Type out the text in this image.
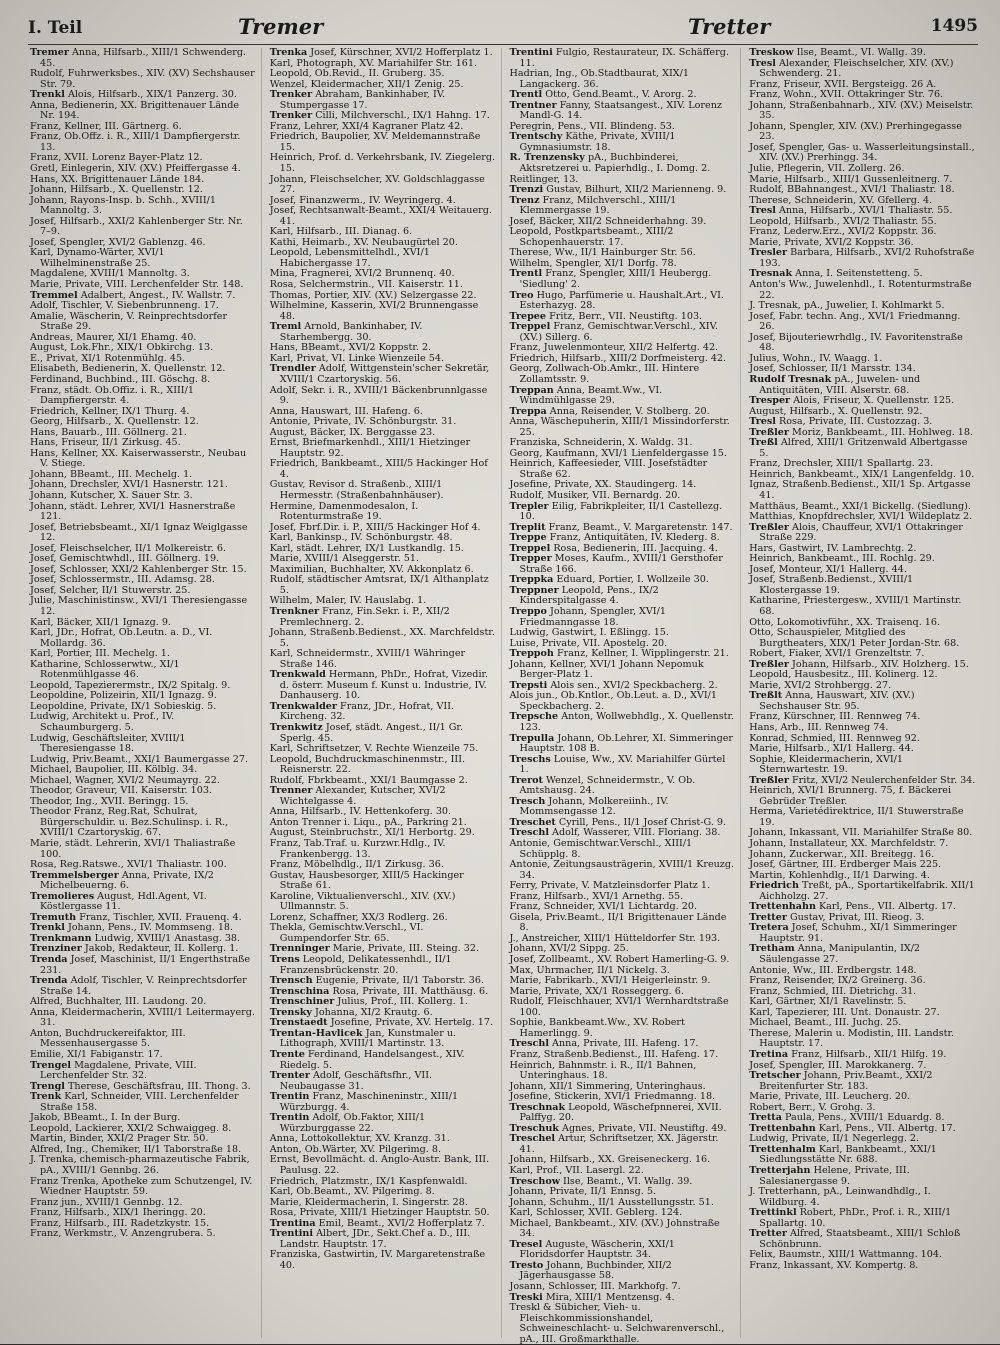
I. Teil	Tremer	Tretter	1495

Tremer Anna, Hilfsarb., XIII/1 Schwenderg. 45.

Rudolf, Fuhrwerksbes., XIV. (XV) Sechshauser Str. 79.

Trenkl Alois, Hilfsarb., XIX/1 Panzerg. 30.

Anna, Bedienerin, XX. Brigittenauer Lände Nr. 194.

Franz, Kellner, III. Gärtnerg. 6.

Franz, Ob.Offz. i. R., XIII/1 Dampfiergerstr. 13.

Franz, XVII. Lorenz Bayer-Platz 12.

Gretl, Einlegerin, XIV. (XV.) Pfeiffergasse 4.

Hans, XX. Brigittenauer Lände 184.

Johann, Hilfsarb., X. Quellenstr. 12.

Johann, Rayons-Insp. b. Schh., XVIII/1 Mannoltg. 3.

Josef, Hilfsarb., XXI/2 Kahlenberger Str. Nr. 7–9.

Josef, Spengler, XVI/2 Gablenzg. 46.

Karl, Dynamo-Wärter, XVI/1 Wilhelminenstraße 25.

Magdalene, XVIII/1 Mannoltg. 3.

Marie, Private, VIII. Lerchenfelder Str. 148.

Tremmel Adalbert, Angest., IV. Wallstr. 7.

Adolf, Tischler, V. Siebenbrunneng. 17.

Amalie, Wäscherin, V. Reinprechtsdorfer Straße 29.

Andreas, Maurer, XI/1 Ehamg. 40.

August, Lok.Fhr., XIX/1 Obkirchg. 13.

E., Privat, XI/1 Rotenmühlg. 45.

Elisabeth, Bedienerin, X. Quellenstr. 12.

Ferdinand, Buchbind., III. Göschg. 8.

Franz, städt. Ob.Offiz. i. R., XIII/1 Dampfiergerstr. 4.

Friedrich, Kellner, IX/1 Thurg. 4.

Georg, Hilfsarb., X. Quellenstr. 12.

Hans, Bauarb., III. Göllnerg. 21.

Hans, Friseur, II/1 Zirkusg. 45.

Hans, Kellner, XX. Kaiserwasserstr., Neubau V. Stiege.

Johann, BBeamt., III. Mechelg. 1.

Johann, Drechsler, XVI/1 Hasnerstr. 121.

Johann, Kutscher, X. Sauer Str. 3.

Johann, städt. Lehrer, XVI/1 Hasnerstraße 121.

Josef, Betriebsbeamt., XI/1 Ignaz Weiglgasse 12.

Josef, Fleischselcher, II/1 Molkereistr. 6.

Josef, Gemischtwhdl., III. Göllnerg. 19.

Josef, Schlosser, XXI/2 Kahlenberger Str. 15.

Josef, Schlossermstr., III. Adamsg. 28.

Josef, Selcher, II/1 Stuwerstr. 25.

Julie, Maschinistinsw., XVI/1 Theresiengasse 12.

Karl, Bäcker, XII/1 Ignazg. 9.

Karl, JDr., Hofrat, Ob.Leutn. a. D., VI. Mollardg. 36.

Karl, Portier, III. Mechelg. 1.

Katharine, Schlosserwtw., XI/1 Rotenmühlgasse 46.

Leopold, Tapezierermstr., IX/2 Spitalg. 9.

Leopoldine, Polizeirin, XII/1 Ignazg. 9.

Leopoldine, Private, IX/1 Sobieskig. 5.

Ludwig, Architekt u. Prof., IV. Schaumburgerg. 5.

Ludwig, Geschäftsleiter, XVIII/1 Theresiengasse 18.

Ludwig, Priv.Beamt., XXI/1 Baumergasse 27.

Michael, Baupolier, III. Kölblg. 34.

Michael, Wagner, XVI/2 Neumayrg. 22.

Theodor, Graveur, VII. Kaiserstr. 103.

Theodor, Ing., XVII. Beringg. 15.

Theodor Franz, Reg.Rat, Schulrat, Bürgerschuldir. u. Bez.Schulinsp. i. R., XVIII/1 Czartoryskig. 67.

Marie, städt. Lehrerin, XVI/1 Thaliastraße 100.

Rosa, Reg.Ratswe., XVI/1 Thaliastr. 100.

Tremmelsberger Anna, Private, IX/2 Michelbeuerng. 6.

Tremolieres August, Hdl.Agent, VI. Köstlergasse 11.

Tremuth Franz, Tischler, XVII. Frauenq. 4.

Trenkl Johann, Pens., IV. Mommseng. 18.

Trenkmann Ludwig, XVIII/1 Anastasg. 38.

Trenziner Jakob, Redakteur, II. Kollerg. 1.

Trenda Josef, Maschinist, II/1 Engerthstraße 231.

Trenda Adolf, Tischler, V. Reinprechtsdorfer Straße 14.

Alfred, Buchhalter, III. Laudong. 20.

Anna, Kleidermacherin, XVIII/1 Leitermayerg. 31.

Anton, Buchdruckereifaktor, III. Messenhausergasse 5.

Emilie, XI/1 Fabiganstr. 17.

Trengel Magdalene, Private, VIII. Lerchenfelder Str. 32.

Trengl Therese, Geschäftsfrau, III. Thong. 3.

Trenk Karl, Schneider, VIII. Lerchenfelder Straße 158.

Jakob, BBeamt., I. In der Burg.

Leopold, Lackierer, XXI/2 Schwaiggeg. 8.

Martin, Binder, XXI/2 Prager Str. 50.

Alfred, Ing., Chemiker, II/1 Taborstraße 18.

J. Trenka, chemisch-pharmazeutische Fabrik, pA., XVIII/1 Gennbg. 26.

Franz Trenka, Apotheke zum Schutzengel, IV. Wiedner Hauptstr. 59.

Franz jun., XVIII/1 Gennbg. 12.

Franz, Hilfsarb., XIX/1 Iheringg. 20.

Franz, Hilfsarb., III. Radetzkystr. 15.

Franz, Werkmstr., V. Anzengrubera. 5.

Trenka Josef, Kürschner, XVI/2 Hofferplatz 1.

Karl, Photograph, XV. Mariahilfer Str. 161.

Leopold, Ob.Revid., II. Gruberg. 35.

Wenzel, Kleidermacher, XII/1 Zenig. 25.

Trenker Abraham, Bankinhaber, IV. Stumpergasse 17.

Trenker Cilli, Milchverschl., IX/1 Hahng. 17.

Franz, Lehrer, XXI/4 Kagraner Platz 42.

Friedrich, Baupolier, XV. Meldemannstraße 15.

Heinrich, Prof. d. Verkehrsbank, IV. Ziegelerg. 15.

Johann, Fleischselcher, XV. Goldschlaggasse 27.

Josef, Finanzwerm., IV. Weyringerg. 4.

Josef, Rechtsanwalt-Beamt., XXI/4 Weitauerg. 41.

Karl, Hilfsarb., III. Dianag. 6.

Kathi, Heimarb., XV. Neubaugürtel 20.

Leopold, Lebensmittelhdl., XVI/1 Habichergasse 17.

Mina, Fragnerei, XVI/2 Brunnenq. 40.

Rosa, Selchermstrin., VII. Kaiserstr. 11.

Thomas, Portier, XIV. (XV.) Selzergasse 22.

Wilhelmine, Kasserin, XVI/2 Brunnengasse 48.

Treml Arnold, Bankinhaber, IV. Starhembergg. 30.

Hans, BBeamt., XVI/2 Koppstr. 2.

Karl, Privat, VI. Linke Wienzeile 54.

Trendler Adolf, Wittgenstein'scher Sekretär, XVIII/1 Czartoryskig. 56.

Adolf, Sekr. i. R., XVIII/1 Bäckenbrunnlgasse 9.

Anna, Hauswart, III. Hafeng. 6.

Antonie, Private, IV. Schönburgstr. 31.

August, Bäcker, IX. Berggasse 23.

Ernst, Briefmarkenhdl., XIII/1 Hietzinger Hauptstr. 92.

Friedrich, Bankbeamt., XIII/5 Hackinger Hof 4.

Gustav, Revisor d. Straßenb., XIII/1 Hermesstr. (Straßenbahnhäuser).

Hermine, Damenmodesalon, I. Rotenturmstraße 19.

Josef, Fbrf.Dir. i. P., XIII/5 Hackinger Hof 4.

Karl, Bankinsp., IV. Schönburgstr. 48.

Karl, städt. Lehrer, IX/1 Lustkandlg. 15.

Marie, XVIII/1 Alseggerstr. 51.

Maximilian, Buchhalter, XV. Akkonplatz 6.

Rudolf, städtischer Amtsrat, IX/1 Althanplatz 5.

Wilhelm, Maler, IV. Hauslabg. 1.

Trenkner Franz, Fin.Sekr. i. P., XII/2 Premlechnerg. 2.

Johann, Straßenb.Bedienst., XX. Marchfeldstr. 5.

Karl, Schneidermstr., XVIII/1 Währinger Straße 146.

Trenkwald Hermann, PhDr., Hofrat, Vizedir. d. österr. Museum f. Kunst u. Industrie, IV. Danhauserg. 10.

Trenkwalder Franz, JDr., Hofrat, VII. Kircheng. 32.

Trenkwitz Josef, städt. Angest., II/1 Gr. Sperlg. 45.

Karl, Schriftsetzer, V. Rechte Wienzeile 75.

Leopold, Buchdruckmaschinenmstr., III. Reisnerstr. 22.

Rudolf, Fbrkbeamt., XXI/1 Baumgasse 2.

Trenner Alexander, Kutscher, XVI/2 Wichtelgasse 4.

Anna, Hilfsarb., IV. Hettenkoferg. 30.

Anton Trenner i. Liqu., pA., Parkring 21.

August, Steinbruchstr., XI/1 Herbortg. 29.

Franz, Tab.Traf. u. Kurzwr.Hdlg., IV. Frankenbergg. 13.

Franz, Möbelhdlg., II/1 Zirkusg. 36.

Gustav, Hausbesorger, XIII/5 Hackinger Straße 61.

Karoline, Viktualienverschl., XIV. (XV.) Ullmannstr. 5.

Lorenz, Schaffner, XX/3 Rodlerg. 26.

Thekla, Gemischtw.Verschl., VI. Gumpendorfer Str. 65.

Trenninger Marie, Private, III. Steing. 32.

Trens Leopold, Delikatessenhdl., II/1 Franzensbrückenstr. 20.

Trensch Eugenie, Private, II/1 Taborstr. 36.

Trenschina Rosa, Private, III. Matthäusg. 6.

Trenschiner Julius, Prof., III. Kollerg. 1.

Trensky Johanna, XI/2 Krautg. 6.

Trenstaedt Josefine, Private, XV. Hertelg. 17.

Trentan-Havlicek Jan, Kunstmaler u. Lithograph, XVIII/1 Martinstr. 13.

Trente Ferdinand, Handelsangest., XIV. Riedelg. 5.

Trenter Adolf, Geschäftsfhr., VII. Neubaugasse 31.

Trentin Franz, Maschineninstr., XIII/1 Würzburgg. 4.

Trentin Adolf, Ob.Faktor, XIII/1 Würzburggasse 22.

Anna, Lottokollektur, XV. Kranzg. 31.

Anton, Ob.Wärter, XV. Pilgerimg. 8.

Ernst, Bevollmächt. d. Anglo-Austr. Bank, III. Paulusg. 22.

Friedrich, Platzmstr., IX/1 Kaspfenwaldl.

Karl, Ob.Beamt., XV. Pilgerimg. 8.

Marie, Kleidermacherin, I. Singerstr. 28.

Rosa, Private, XIII/1 Hietzinger Hauptstr. 50.

Trentina Emil, Beamt., XVI/2 Hofferplatz 7.

Trentini Albert, JDr., Sekt.Chef a. D., III. Landstr. Hauptstr. 17.

Franziska, Gastwirtin, IV. Margaretenstraße 40.

Trentini Fulgio, Restaurateur, IX. Schäfferg. 11.

Hadrian, Ing., Ob.Stadtbaurat, XIX/1 Langackerg. 36.

Trentl Otto, Gend.Beamt., V. Arorg. 2.

Trentner Fanny, Staatsangest., XIV. Lorenz Mandl-G. 14.

Peregrin, Pens., VII. Blindeng. 53.

Trentschy Käthe, Private, XVIII/1 Gymnasiumstr. 18.

R. Trenzensky pA., Buchbinderei, Aktsretzerei u. Papierhdlg., I. Domg. 2.

Reitlinger, 13.

Trenzi Gustav, Bilhurt, XII/2 Marienneng. 9.

Trenz Franz, Milchverschl., XIII/1 Klemmergasse 19.

Josef, Bäcker, XII/2 Schneiderhahng. 39.

Leopold, Postkpartsbeamt., XIII/2 Schopenhauerstr. 17.

Therese, Ww., II/1 Hainburger Str. 56.

Wilhelm, Spengler, XI/1 Dorfg. 78.

Trentl Franz, Spengler, XIII/1 Heubergg. 'Siedlung' 2.

Treo Hugo, Parfümerie u. Haushalt.Art., VI. Esterhazyg. 28.

Trepee Fritz, Berr., VII. Neustiftg. 103.

Treppel Franz, Gemischtwar.Verschl., XIV. (XV.) Sillerg. 6.

Franz, Juwelenmonteur, XII/2 Helfertg. 42.

Friedrich, Hilfsarb., XIII/2 Dorfmeisterg. 42.

Georg, Zollwach-Ob.Amkr., III. Hintere Zollamtsstr. 9.

Treppan Anna, Beamt.Ww., VI. Windmühlgasse 29.

Treppa Anna, Reisender, V. Stolberg. 20.

Anna, Wäschepuherin, XIII/1 Missindorferstr. 25.

Franziska, Schneiderin, X. Waldg. 31.

Georg, Kaufmann, XVI/1 Lienfeldergasse 15.

Heinrich, Kaffeesieder, VIII. Josefstädter Straße 62.

Josefine, Private, XX. Staudingerg. 14.

Rudolf, Musiker, VII. Bernardg. 20.

Trepler Eilig, Fabrikpleiter, II/1 Castellezg. 10.

Treplit Franz, Beamt., V. Margaretenstr. 147.

Treppe Franz, Antiquitäten, IV. Klederg. 8.

Treppel Rosa, Bedienerin, III. Jacquing. 4.

Trepper Moses, Kaufm., XVIII/1 Gersthofer Straße 166.

Treppka Eduard, Portier, I. Wollzeile 30.

Treppner Leopold, Pens., IX/2 Kinderspitalgasse 4.

Treppo Johann, Spengler, XVI/1 Friedmanngasse 18.

Ludwig, Gastwirt, I. Eßlingg. 15.

Luise, Private, VII. Apostelg. 20.

Treppoh Franz, Kellner, I. Wipplingerstr. 21.

Johann, Kellner, XVI/1 Johann Nepomuk Berger-Platz 1.

Trepsti Alois sen., XVI/2 Speckbacherg. 2.

Alois jun., Ob.Kntlor., Ob.Leut. a. D., XVI/1 Speckbacherg. 2.

Trepsche Anton, Wollwebhdlg., X. Quellenstr. 123.

Trepulla Johann, Ob.Lehrer, XI. Simmeringer Hauptstr. 108 B.

Treschs Louise, Ww., XV. Mariahilfer Gürtel 1.

Trerot Wenzel, Schneidermstr., V. Ob. Amtshausg. 24.

Tresch Johann, Molkereiinh., IV. Mommsengasse 12.

Treschet Cyrill, Pens., II/1 Josef Christ-G. 9.

Treschl Adolf, Wasserer, VIII. Floriang. 38.

Antonie, Gemischtwar.Verschl., XIII/1 Schüpplg. 8.

Antonie, Zeitungsausträgerin, XVIII/1 Kreuzg. 34.

Ferry, Private, V. Matzleinsdorfer Platz 1.

Franz, Hilfsarb., XVI/1 Arnethg. 55.

Franz, Schneider, XVI/1 Lichtardg. 20.

Gisela, Priv.Beamt., II/1 Brigittenauer Lände 8.

J., Anstreicher, XIII/1 Hütteldorfer Str. 193.

Johann, XVI/2 Sippg. 25.

Josef, Zollbeamt., XV. Robert Hamerling-G. 9.

Max, Uhrmacher, II/1 Nickelg. 3.

Marie, Fabrikarb., XVI/1 Heigerleinstr. 9.

Marie, Private, XX/1 Rosseggerg. 6.

Rudolf, Fleischhauer, XVI/1 Wernhardtstraße 100.

Sophie, Bankbeamt.Ww., XV. Robert Hamerlingg. 9.

Treschl Anna, Private, III. Hafeng. 17.

Franz, Straßenb.Bedienst., III. Hafeng. 17.

Heinrich, Bahnmstr. i. R., II/1 Bahnen, Unteringhaus. 18.

Johann, XII/1 Simmering, Unteringhaus.

Josefine, Stickerin, XVI/1 Friedmanng. 18.

Treschnak Leopold, Wäschefpnnerei, XVII. Palffyg. 20.

Treschuk Agnes, Private, VII. Neustiftg. 49.

Treschel Artur, Schriftsetzer, XX. Jägerstr. 41.

Johann, Hilfsarb., XX. Greiseneckerg. 16.

Karl, Prof., VII. Lasergl. 22.

Treschow Ilse, Beamt., VI. Wallg. 39.

Johann, Private, II/1 Ennsg. 5.

Johann, Schuhm., II/1 Ausstellungsstr. 51.

Karl, Schlosser, XVII. Geblerg. 124.

Michael, Bankbeamt., XIV. (XV.) Johnstraße 34.

Tresel Auguste, Wäscherin, XXI/1 Floridsdorfer Hauptstr. 34.

Tresto Johann, Buchbinder, XII/2 Jägerhausgasse 58.

Josann, Schlosser, III. Markhofg. 7.

Treski Mira, XIII/1 Mentzensg. 4.

Treskl & Sübicher, Vieh- u. Fleischkommissionshandel, Schweineschlacht- u. Selchwarenverschl., pA., III. Großmarkthalle.

Treskow Ilse, Beamt., VI. Wallg. 39.

Tresl Alexander, Fleischselcher, XIV. (XV.) Schwenderg. 21.

Franz, Friseur, XVII. Bergsteigg. 26 A.

Franz, Wohn., XVII. Ottakringer Str. 76.

Johann, Straßenbahnarb., XIV. (XV.) Meiselstr. 35.

Johann, Spengler, XIV. (XV.) Prerhingegasse 23.

Josef, Spengler, Gas- u. Wasserleitungsinstall., XIV. (XV.) Prerhingg. 34.

Julie, Pflegerin, VII. Zollerg. 26.

Marie, Hilfsarb., XIII/1 Gussenleitnerg. 7.

Rudolf, BBahnangest., XVI/1 Thaliastr. 18.

Therese, Schneiderin, XV. Gfellerg. 4.

Tresl Anna, Hilfsarb., XVI/1 Thaliastr. 55.

Leopold, Hilfsarb., XVI/2 Thaliastr. 55.

Franz, Lederw.Erz., XVI/2 Koppstr. 36.

Marie, Private, XVI/2 Koppstr. 36.

Tresler Barbara, Hilfsarb., XVI/2 Ruhofstraße 193.

Tresnak Anna, I. Seitenstetteng. 5.

Anton's Ww., Juwelenhdl., I. Rotenturmstraße 22.

J. Tresnak, pA., Juwelier, I. Kohlmarkt 5.

Josef, Fabr. techn. Ang., XVI/1 Friedmanng. 26.

Josef, Bijouteriewrhdlg., IV. Favoritenstraße 48.

Julius, Wohn., IV. Waagg. 1.

Josef, Schlosser, II/1 Marsstr. 134.

Rudolf Tresnak pA., Juwelen- und Antiquitäten, VIII. Alserstr. 68.

Tresper Alois, Friseur, X. Quellenstr. 125.

August, Hilfsarb., X. Quellenstr. 92.

Tresl Rosa, Private, III. Custozzag. 3.

Treßler Moriz, Bankbeamt., III. Hohlweg. 18.

Treßl Alfred, XIII/1 Gritzenwald Albertgasse 5.

Franz, Drechsler, XIII/1 Spallartg. 23.

Heinrich, Bankbeamt., XIX/1 Langenfeldg. 10.

Ignaz, Straßenb.Bedienst., XII/1 Sp. Artgasse 41.

Matthäus, Beamt., XXI/1 Bickellg. (Siedlung).

Matthias, Knopfdrechsler, XVI/1 Wildeplatz 2.

Treßler Alois, Chauffeur, XVI/1 Ottakringer Straße 229.

Hars, Gastwirt, IV. Lambrechtg. 2.

Heinrich, Bankbeamt., III. Rochlg. 29.

Josef, Monteur, XI/1 Hallerg. 44.

Josef, Straßenb.Bedienst., XVIII/1 Klostergasse 19.

Katharine, Priestergesw., XVIII/1 Martinstr. 68.

Otto, Lokomotivführ., XX. Traisenq. 16.

Otto, Schauspieler, Mitglied des Burgtheaters, XIX/1 Peter Jordan-Str. 68.

Robert, Fiaker, XVI/1 Grenzeltstr. 7.

Treßler Johann, Hilfsarb., XIV. Holzherg. 15.

Leopold, Hausbesitz., III. Kolinerg. 12.

Marie, XVI/2 Strohbergg. 27.

Treßlt Anna, Hauswart, XIV. (XV.) Sechshauser Str. 95.

Franz, Kürschner, III. Rennweg 74.

Hans, Arb., III. Rennweg 74.

Konrad, Schmied, III. Rennweg 92.

Marie, Hilfsarb., XI/1 Hallerg. 44.

Sophie, Kleidermacherin, XVI/1 Sternwartestr. 19.

Treßler Fritz, XVI/2 Neulerchenfelder Str. 34.

Heinrich, XVI/1 Brunnerg. 75, f. Bäckerei Gebrüder Treßler.

Herma, Varietédirektrice, II/1 Stuwerstraße 19.

Johann, Inkassant, VII. Mariahilfer Straße 80.

Johann, Installateur, XX. Marchfeldstr. 7.

Johann, Zuckerwar., XII. Breitegg. 16.

Josef, Gärtner, III. Erdberger Mais 225.

Martin, Kohlenhdlg., II/1 Darwing. 4.

Friedrich Treßt, pA., Sportartikelfabrik. XII/1 Aichholzg. 27.

Trettenhahn Karl, Pens., VII. Albertg. 17.

Tretter Gustav, Privat, III. Rieog. 3.

Tretera Josef, Schuhm., XI/1 Simmeringer Hauptstr. 91.

Tretham Anna, Manipulantin, IX/2 Säulengasse 27.

Antonie, Ww., III. Erdbergstr. 148.

Franz, Reisender, IX/2 Greinerg. 36.

Franz, Schmied, III. Dietrichg. 31.

Karl, Gärtner, XI/1 Ravelinstr. 5.

Karl, Tapezierer, III. Unt. Donaustr. 27.

Michael, Beamt., III. Juchg. 25.

Therese, Malerin u. Modistin, III. Landstr. Hauptstr. 17.

Tretina Franz, Hilfsarb., XII/1 Hilfg. 19.

Josef, Spengler, III. Marokkanerg. 7.

Tretscher Johann, Priv.Beamt., XXI/2 Breitenfurter Str. 183.

Marie, Private, III. Leucherg. 20.

Robert, Berr., V. Grohg. 3.

Tretta Paula, Pens., XVIII/1 Eduardg. 8.

Trettenbahn Karl, Pens., VII. Albertg. 17.

Ludwig, Private, II/1 Negerlegg. 2.

Trettenhalm Karl, Bankbeamt., XXI/1 Siedlungsstätte Nr. 688.

Tretterjahn Helene, Private, III. Salesianergasse 9.

J. Tretterhann, pA., Leinwandhdlg., I. Wildburg. 4.

Trettinkl Robert, PhDr., Prof. i. R., XIII/1 Spallartg. 10.

Tretter Alfred, Staatsbeamt., XIII/1 Schloß Schönbrunn.

Felix, Baumstr., XIII/1 Wattmanng. 104.

Franz, Inkassant, XV. Kompertg. 8.
